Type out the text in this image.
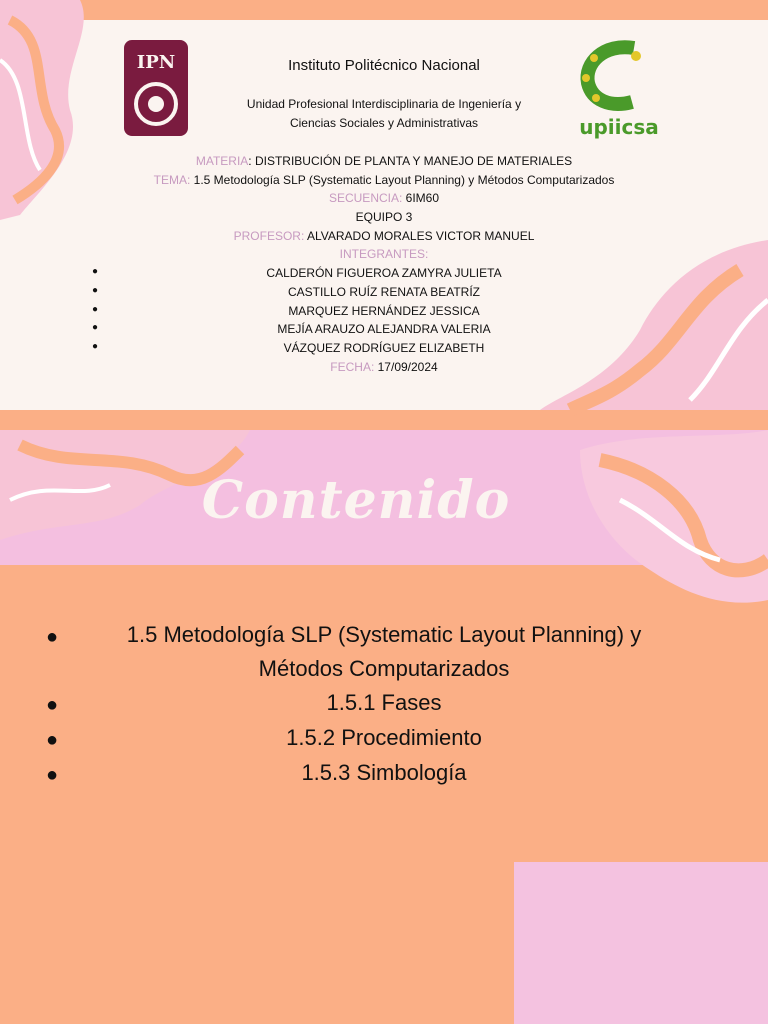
IPN
upiicsa
Instituto Politécnico Nacional
Unidad Profesional Interdisciplinaria de Ingeniería y
Ciencias Sociales y Administrativas
MATERIA: DISTRIBUCIÓN DE PLANTA Y MANEJO DE MATERIALES
TEMA: 1.5 Metodología SLP (Systematic Layout Planning) y Métodos Computarizados
SECUENCIA: 6IM60
EQUIPO 3
PROFESOR: ALVARADO MORALES VICTOR MANUEL
INTEGRANTES:
●	CALDERÓN FIGUEROA ZAMYRA JULIETA
●	CASTILLO RUÍZ RENATA BEATRÍZ
●	MARQUEZ HERNÁNDEZ JESSICA
●	MEJÍA ARAUZO ALEJANDRA VALERIA
●	VÁZQUEZ RODRÍGUEZ ELIZABETH
FECHA: 17/09/2024
Contenido
●	1.5 Metodología SLP (Systematic Layout Planning) y
Métodos Computarizados
●	1.5.1 Fases
●	1.5.2 Procedimiento
●	1.5.3 Simbología
